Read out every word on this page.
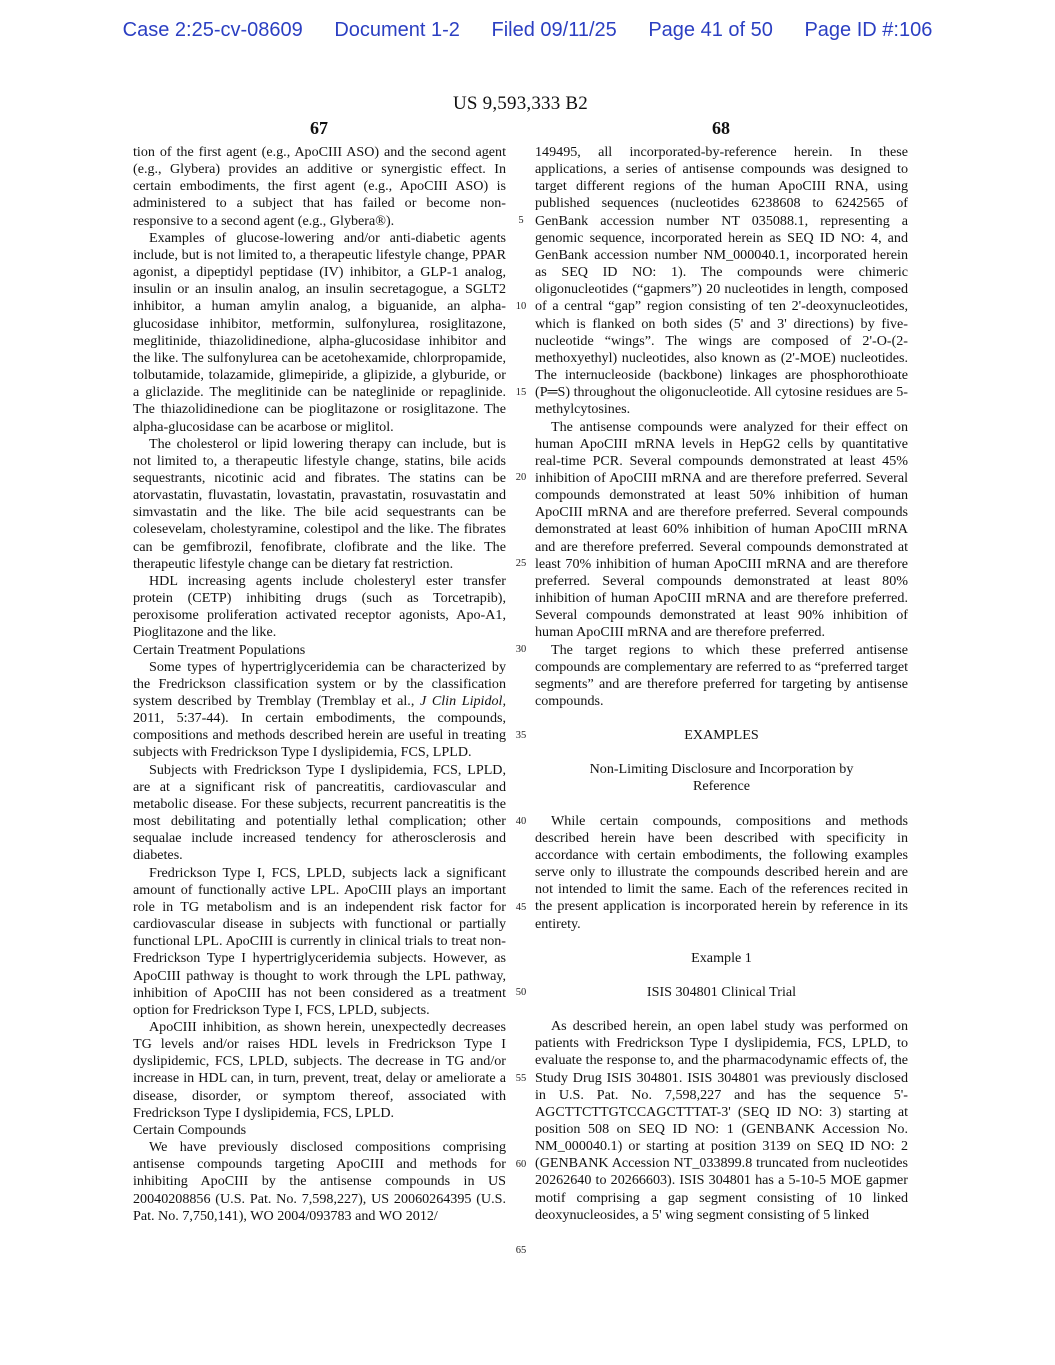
Case 2:25-cv-08609 Document 1-2 Filed 09/11/25 Page 41 of 50 Page ID #:106
US 9,593,333 B2
67	68

tion of the first agent (e.g., ApoCIII ASO) and the second agent (e.g., Glybera) provides an additive or synergistic effect. In certain embodiments, the first agent (e.g., ApoCIII ASO) is administered to a subject that has failed or become non-responsive to a second agent (e.g., Glybera®).

Examples of glucose-lowering and/or anti-diabetic agents include, but is not limited to, a therapeutic lifestyle change, PPAR agonist, a dipeptidyl peptidase (IV) inhibitor, a GLP-1 analog, insulin or an insulin analog, an insulin secretagogue, a SGLT2 inhibitor, a human amylin analog, a biguanide, an alpha-glucosidase inhibitor, metformin, sulfonylurea, rosiglitazone, meglitinide, thiazolidinedione, alpha-glucosidase inhibitor and the like. The sulfonylurea can be acetohexamide, chlorpropamide, tolbutamide, tolazamide, glimepiride, a glipizide, a glyburide, or a gliclazide. The meglitinide can be nateglinide or repaglinide. The thiazolidinedione can be pioglitazone or rosiglitazone. The alpha-glucosidase can be acarbose or miglitol.

The cholesterol or lipid lowering therapy can include, but is not limited to, a therapeutic lifestyle change, statins, bile acids sequestrants, nicotinic acid and fibrates. The statins can be atorvastatin, fluvastatin, lovastatin, pravastatin, rosuvastatin and simvastatin and the like. The bile acid sequestrants can be colesevelam, cholestyramine, colestipol and the like. The fibrates can be gemfibrozil, fenofibrate, clofibrate and the like. The therapeutic lifestyle change can be dietary fat restriction.

HDL increasing agents include cholesteryl ester transfer protein (CETP) inhibiting drugs (such as Torcetrapib), peroxisome proliferation activated receptor agonists, Apo-A1, Pioglitazone and the like.

Certain Treatment Populations

Some types of hypertriglyceridemia can be characterized by the Fredrickson classification system or by the classification system described by Tremblay (Tremblay et al., J Clin Lipidol, 2011, 5:37-44). In certain embodiments, the compounds, compositions and methods described herein are useful in treating subjects with Fredrickson Type I dyslipidemia, FCS, LPLD.

Subjects with Fredrickson Type I dyslipidemia, FCS, LPLD, are at a significant risk of pancreatitis, cardiovascular and metabolic disease. For these subjects, recurrent pancreatitis is the most debilitating and potentially lethal complication; other sequalae include increased tendency for atherosclerosis and diabetes.

Fredrickson Type I, FCS, LPLD, subjects lack a significant amount of functionally active LPL. ApoCIII plays an important role in TG metabolism and is an independent risk factor for cardiovascular disease in subjects with functional or partially functional LPL. ApoCIII is currently in clinical trials to treat non-Fredrickson Type I hypertriglyceridemia subjects. However, as ApoCIII pathway is thought to work through the LPL pathway, inhibition of ApoCIII has not been considered as a treatment option for Fredrickson Type I, FCS, LPLD, subjects.

ApoCIII inhibition, as shown herein, unexpectedly decreases TG levels and/or raises HDL levels in Fredrickson Type I dyslipidemic, FCS, LPLD, subjects. The decrease in TG and/or increase in HDL can, in turn, prevent, treat, delay or ameliorate a disease, disorder, or symptom thereof, associated with Fredrickson Type I dyslipidemia, FCS, LPLD.

Certain Compounds

We have previously disclosed compositions comprising antisense compounds targeting ApoCIII and methods for inhibiting ApoCIII by the antisense compounds in US 20040208856 (U.S. Pat. No. 7,598,227), US 20060264395 (U.S. Pat. No. 7,750,141), WO 2004/093783 and WO 2012/

149495, all incorporated-by-reference herein. In these applications, a series of antisense compounds was designed to target different regions of the human ApoCIII RNA, using published sequences (nucleotides 6238608 to 6242565 of GenBank accession number NT 035088.1, representing a genomic sequence, incorporated herein as SEQ ID NO: 4, and GenBank accession number NM_000040.1, incorporated herein as SEQ ID NO: 1). The compounds were chimeric oligonucleotides (“gapmers”) 20 nucleotides in length, composed of a central “gap” region consisting of ten 2'-deoxynucleotides, which is flanked on both sides (5' and 3' directions) by five-nucleotide “wings”. The wings are composed of 2'-O-(2-methoxyethyl) nucleotides, also known as (2'-MOE) nucleotides. The internucleoside (backbone) linkages are phosphorothioate (P═S) throughout the oligonucleotide. All cytosine residues are 5-methylcytosines.

The antisense compounds were analyzed for their effect on human ApoCIII mRNA levels in HepG2 cells by quantitative real-time PCR. Several compounds demonstrated at least 45% inhibition of ApoCIII mRNA and are therefore preferred. Several compounds demonstrated at least 50% inhibition of human ApoCIII mRNA and are therefore preferred. Several compounds demonstrated at least 60% inhibition of human ApoCIII mRNA and are therefore preferred. Several compounds demonstrated at least 70% inhibition of human ApoCIII mRNA and are therefore preferred. Several compounds demonstrated at least 80% inhibition of human ApoCIII mRNA and are therefore preferred. Several compounds demonstrated at least 90% inhibition of human ApoCIII mRNA and are therefore preferred.

The target regions to which these preferred antisense compounds are complementary are referred to as “preferred target segments” and are therefore preferred for targeting by antisense compounds.

EXAMPLES

Non-Limiting Disclosure and Incorporation by Reference

While certain compounds, compositions and methods described herein have been described with specificity in accordance with certain embodiments, the following examples serve only to illustrate the compounds described herein and are not intended to limit the same. Each of the references recited in the present application is incorporated herein by reference in its entirety.

Example 1

ISIS 304801 Clinical Trial

As described herein, an open label study was performed on patients with Fredrickson Type I dyslipidemia, FCS, LPLD, to evaluate the response to, and the pharmacodynamic effects of, the Study Drug ISIS 304801. ISIS 304801 was previously disclosed in U.S. Pat. No. 7,598,227 and has the sequence 5'-AGCTTCTTGTCCAGCTTTAT-3' (SEQ ID NO: 3) starting at position 508 on SEQ ID NO: 1 (GENBANK Accession No. NM_000040.1) or starting at position 3139 on SEQ ID NO: 2 (GENBANK Accession NT_033899.8 truncated from nucleotides 20262640 to 20266603). ISIS 304801 has a 5-10-5 MOE gapmer motif comprising a gap segment consisting of 10 linked deoxynucleosides, a 5' wing segment consisting of 5 linked

5
10
15
20
25
30
35
40
45
50
55
60
65
